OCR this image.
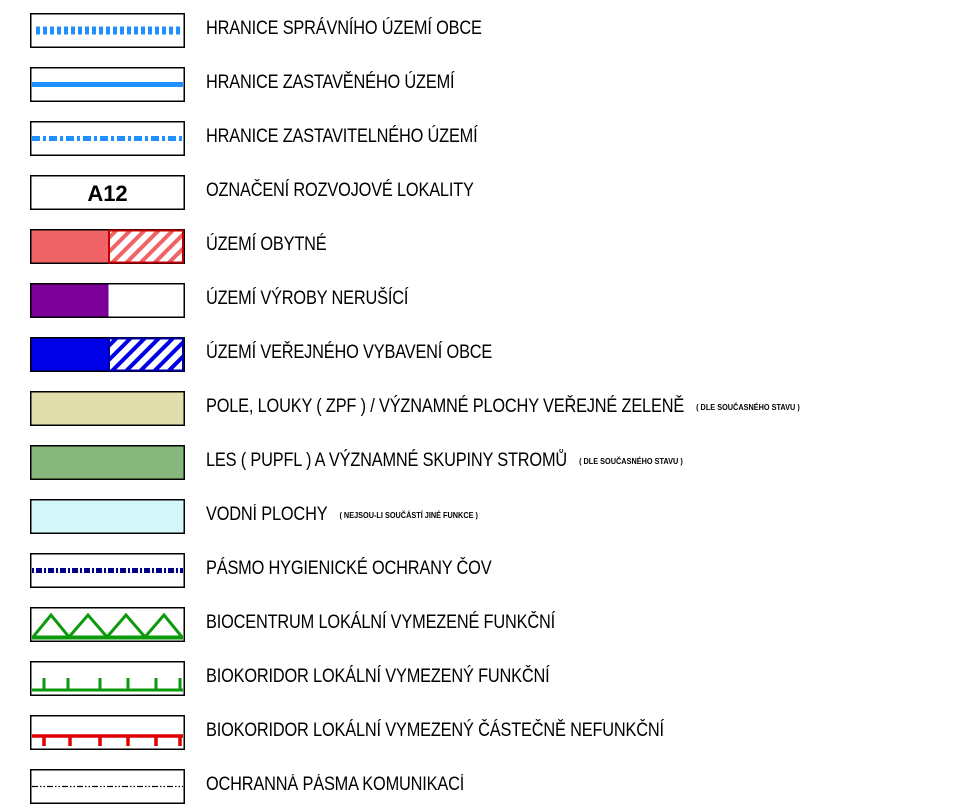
HRANICE SPRÁVNÍHO ÚZEMÍ OBCE
HRANICE ZASTAVĚNÉHO ÚZEMÍ
HRANICE ZASTAVITELNÉHO ÚZEMÍ
A12	OZNAČENÍ ROZVOJOVÉ LOKALITY
ÚZEMÍ OBYTNÉ
ÚZEMÍ VÝROBY NERUŠÍCÍ
ÚZEMÍ VEŘEJNÉHO VYBAVENÍ OBCE
POLE, LOUKY ( ZPF ) / VÝZNAMNÉ PLOCHY VEŘEJNÉ ZELENĚ ( DLE SOUČASNÉHO STAVU )
LES ( PUPFL ) A VÝZNAMNÉ SKUPINY STROMŮ ( DLE SOUČASNÉHO STAVU )
VODNÍ PLOCHY ( NEJSOU-LI SOUČÁSTÍ JINÉ FUNKCE )
PÁSMO HYGIENICKÉ OCHRANY ČOV
BIOCENTRUM LOKÁLNÍ VYMEZENÉ FUNKČNÍ
BIOKORIDOR LOKÁLNÍ VYMEZENÝ FUNKČNÍ
BIOKORIDOR LOKÁLNÍ VYMEZENÝ ČÁSTEČNĚ NEFUNKČNÍ
OCHRANNÁ PÁSMA KOMUNIKACÍ
